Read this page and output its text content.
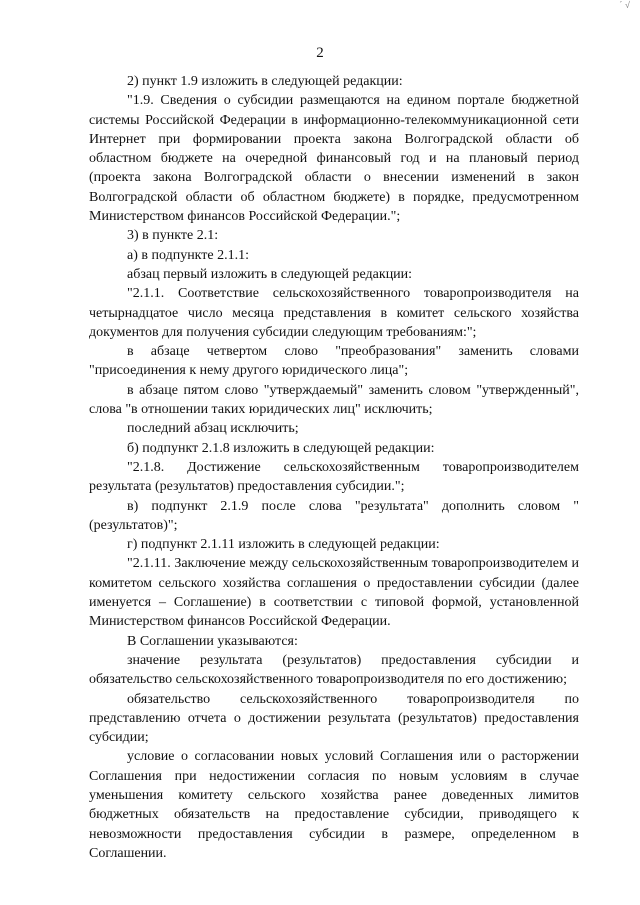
´ √
2

2) пункт 1.9 изложить в следующей редакции:

"1.9. Сведения о субсидии размещаются на едином портале бюджетной системы Российской Федерации в информационно-телекоммуникационной сети Интернет при формировании проекта закона Волгоградской области об областном бюджете на очередной финансовый год и на плановый период (проекта закона Волгоградской области о внесении изменений в закон Волгоградской области об областном бюджете) в порядке, предусмотренном Министерством финансов Российской Федерации.";

3) в пункте 2.1:

а) в подпункте 2.1.1:

абзац первый изложить в следующей редакции:

"2.1.1. Соответствие сельскохозяйственного товаропроизводителя на четырнадцатое число месяца представления в комитет сельского хозяйства документов для получения субсидии следующим требованиям:";

в абзаце четвертом слово "преобразования" заменить словами "присоединения к нему другого юридического лица";

в абзаце пятом слово "утверждаемый" заменить словом "утвержденный", слова "в отношении таких юридических лиц" исключить;

последний абзац исключить;

б) подпункт 2.1.8 изложить в следующей редакции:

"2.1.8. Достижение сельскохозяйственным товаропроизводителем результата (результатов) предоставления субсидии.";

в) подпункт 2.1.9 после слова "результата" дополнить словом "(результатов)";

г) подпункт 2.1.11 изложить в следующей редакции:

"2.1.11. Заключение между сельскохозяйственным товаропроизводителем и комитетом сельского хозяйства соглашения о предоставлении субсидии (далее именуется – Соглашение) в соответствии с типовой формой, установленной Министерством финансов Российской Федерации.

В Соглашении указываются:

значение результата (результатов) предоставления субсидии и обязательство сельскохозяйственного товаропроизводителя по его достижению;

обязательство сельскохозяйственного товаропроизводителя по представлению отчета о достижении результата (результатов) предоставления субсидии;

условие о согласовании новых условий Соглашения или о расторжении Соглашения при недостижении согласия по новым условиям в случае уменьшения комитету сельского хозяйства ранее доведенных лимитов бюджетных обязательств на предоставление субсидии, приводящего к невозможности предоставления субсидии в размере, определенном в Соглашении.
